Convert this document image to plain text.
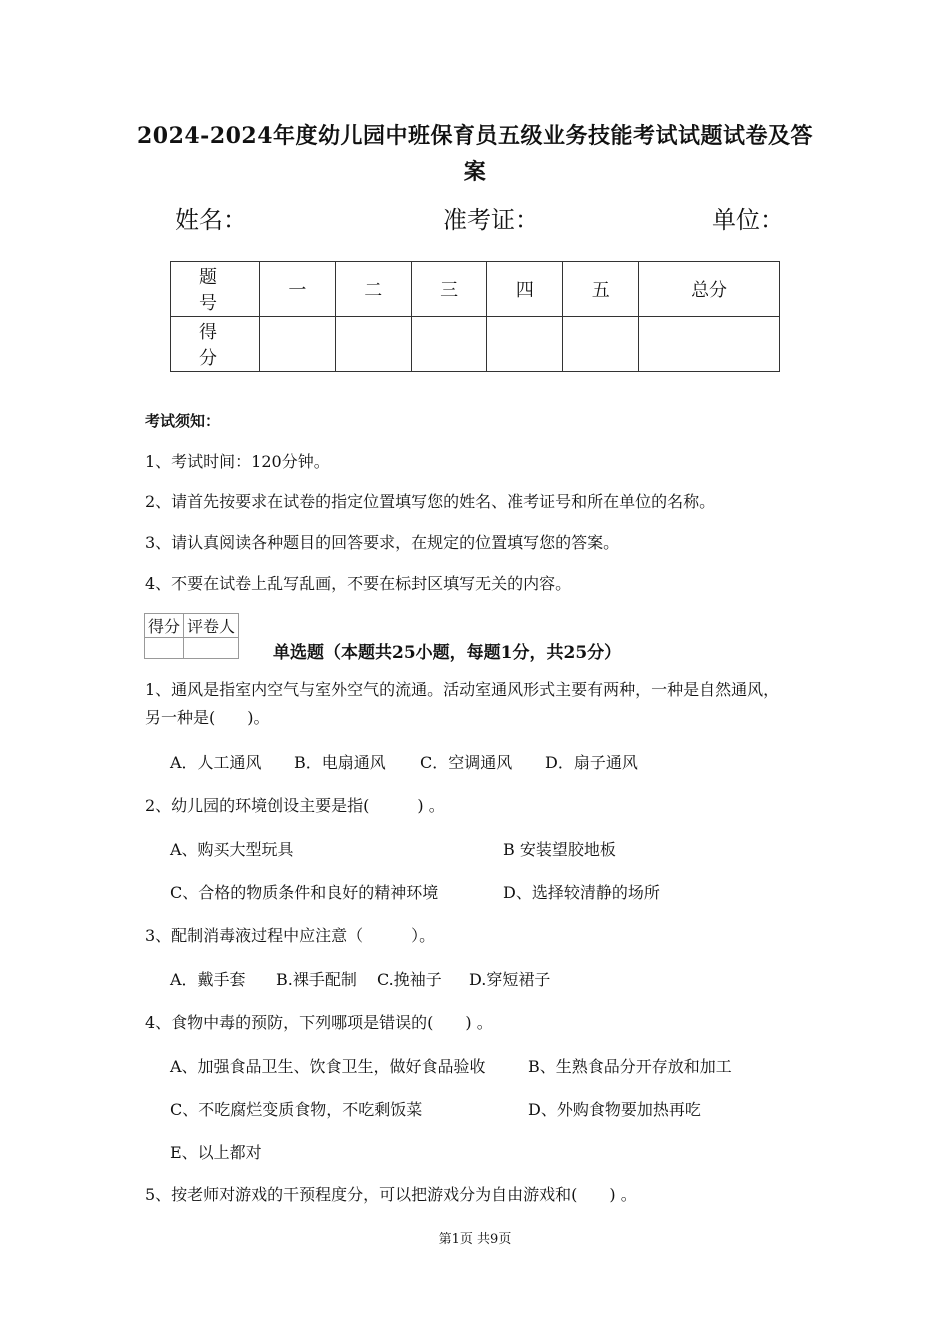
2024-2024年度幼儿园中班保育员五级业务技能考试试题试卷及答
案
姓名：	准考证：	单位：
题　号	一	二	三	四	五	总分
得　分						
考试须知：
1、考试时间：120分钟。
2、请首先按要求在试卷的指定位置填写您的姓名、准考证号和所在单位的名称。
3、请认真阅读各种题目的回答要求，在规定的位置填写您的答案。
4、不要在试卷上乱写乱画，不要在标封区填写无关的内容。
得分	评卷人

单选题（本题共25小题，每题1分，共25分）
1、通风是指室内空气与室外空气的流通。活动室通风形式主要有两种，一种是自然通风，
另一种是(　　)。
A．人工通风 B．电扇通风 C．空调通风 D．扇子通风
2、幼儿园的环境创设主要是指(　　　) 。
A、购买大型玩具	B 安装望胶地板
C、合格的物质条件和良好的精神环境	D、选择较清静的场所
3、配制消毒液过程中应注意（　　　）。
A．戴手套 B.裸手配制 C.挽袖子 D.穿短裙子
4、食物中毒的预防，下列哪项是错误的(　　) 。
A、加强食品卫生、饮食卫生，做好食品验收	B、生熟食品分开存放和加工
C、不吃腐烂变质食物，不吃剩饭菜	D、外购食物要加热再吃
E、以上都对
5、按老师对游戏的干预程度分，可以把游戏分为自由游戏和(　　) 。
第1页 共9页
